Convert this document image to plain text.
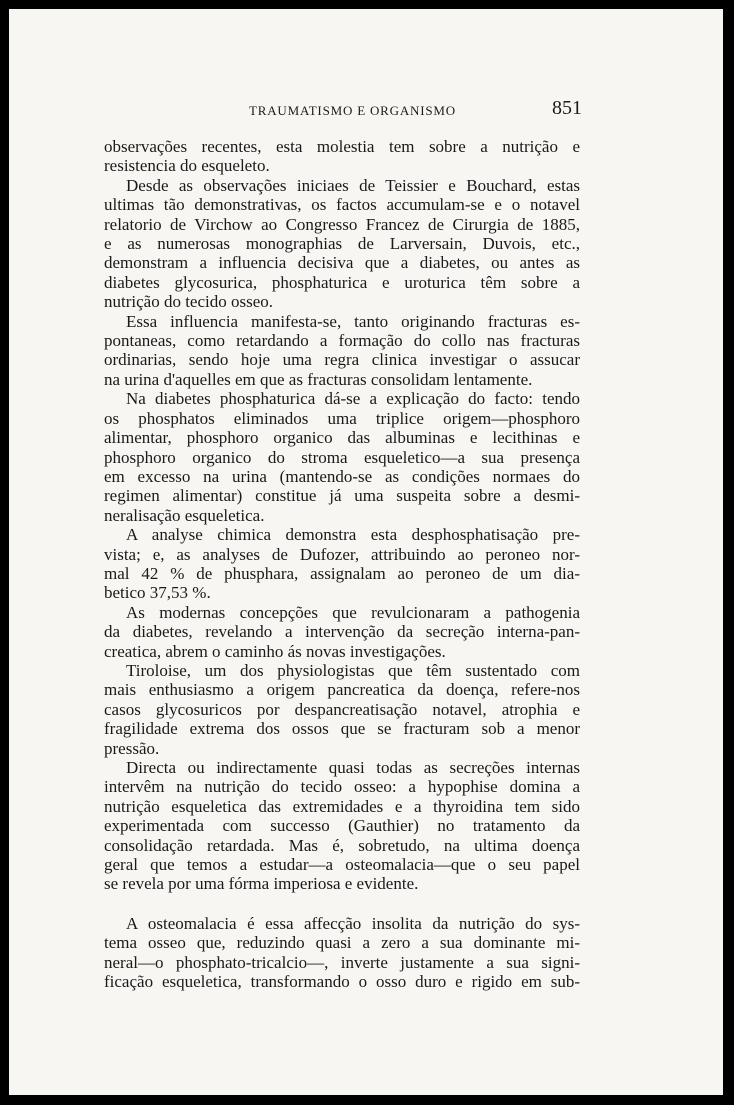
TRAUMATISMO E ORGANISMO	851

observações recentes, esta molestia tem sobre a nutrição e
resistencia do esqueleto.

Desde as observações iniciaes de Teissier e Bouchard, estas
ultimas tão demonstrativas, os factos accumulam-se e o notavel
relatorio de Virchow ao Congresso Francez de Cirurgia de 1885,
e as numerosas monographias de Larversain, Duvois, etc.,
demonstram a influencia decisiva que a diabetes, ou antes as
diabetes glycosurica, phosphaturica e uroturica têm sobre a
nutrição do tecido osseo.

Essa influencia manifesta-se, tanto originando fracturas es-
pontaneas, como retardando a formação do collo nas fracturas
ordinarias, sendo hoje uma regra clinica investigar o assucar
na urina d'aquelles em que as fracturas consolidam lentamente.

Na diabetes phosphaturica dá-se a explicação do facto: tendo
os phosphatos eliminados uma triplice origem—phosphoro
alimentar, phosphoro organico das albuminas e lecithinas e
phosphoro organico do stroma esqueletico—a sua presença
em excesso na urina (mantendo-se as condições normaes do
regimen alimentar) constitue já uma suspeita sobre a desmi-
neralisação esqueletica.

A analyse chimica demonstra esta desphosphatisação pre-
vista; e, as analyses de Dufozer, attribuindo ao peroneo nor-
mal 42 % de phusphara, assignalam ao peroneo de um dia-
betico 37,53 %.

As modernas concepções que revulcionaram a pathogenia
da diabetes, revelando a intervenção da secreção interna-pan-
creatica, abrem o caminho ás novas investigações.

Tiroloise, um dos physiologistas que têm sustentado com
mais enthusiasmo a origem pancreatica da doença, refere-nos
casos glycosuricos por despancreatisação notavel, atrophia e
fragilidade extrema dos ossos que se fracturam sob a menor
pressão.

Directa ou indirectamente quasi todas as secreções internas
intervêm na nutrição do tecido osseo: a hypophise domina a
nutrição esqueletica das extremidades e a thyroidina tem sido
experimentada com successo (Gauthier) no tratamento da
consolidação retardada. Mas é, sobretudo, na ultima doença
geral que temos a estudar—a osteomalacia—que o seu papel
se revela por uma fórma imperiosa e evidente.

A osteomalacia é essa affecção insolita da nutrição do sys-
tema osseo que, reduzindo quasi a zero a sua dominante mi-
neral—o phosphato-tricalcio—, inverte justamente a sua signi-
ficação esqueletica, transformando o osso duro e rigido em sub-
